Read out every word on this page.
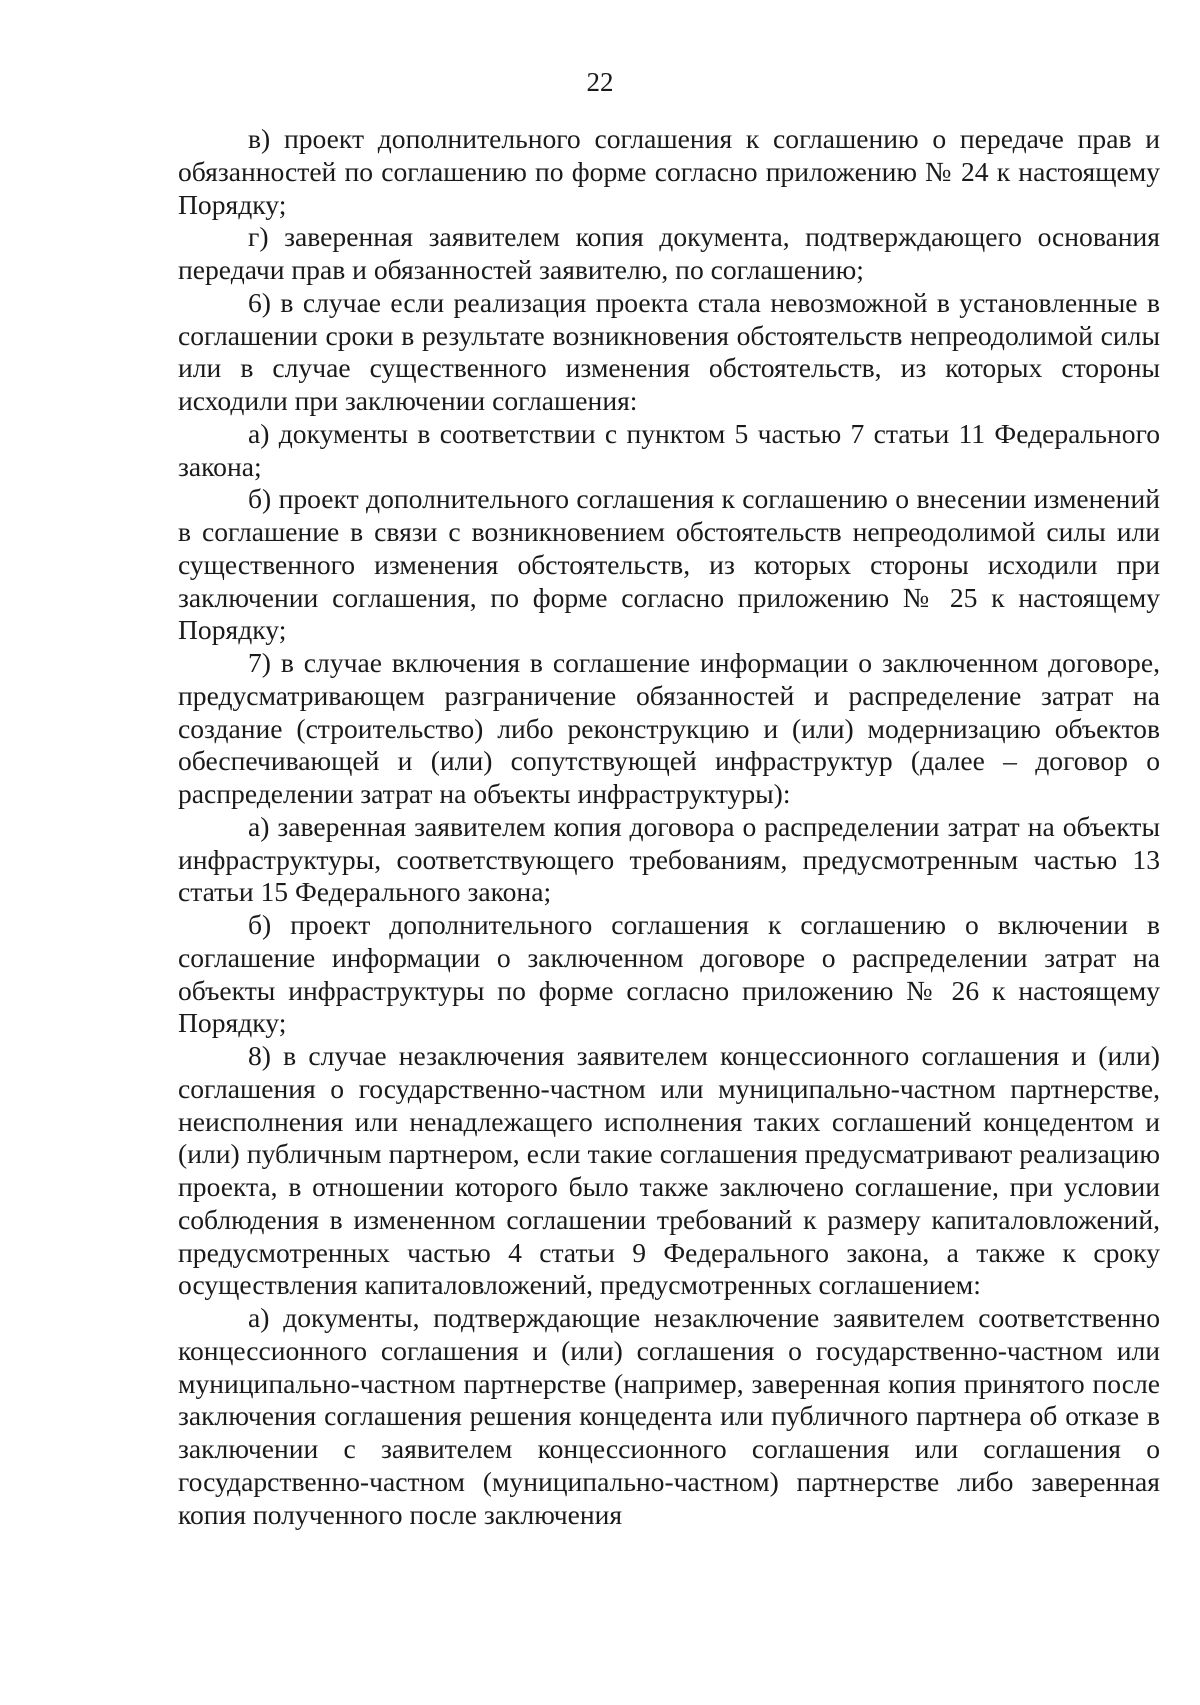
22

в) проект дополнительного соглашения к соглашению о передаче прав и обязанностей по соглашению по форме согласно приложению № 24 к настоящему Порядку;

г) заверенная заявителем копия документа, подтверждающего основания передачи прав и обязанностей заявителю, по соглашению;

6) в случае если реализация проекта стала невозможной в установленные в соглашении сроки в результате возникновения обстоятельств непреодолимой силы или в случае существенного изменения обстоятельств, из которых стороны исходили при заключении соглашения:

а) документы в соответствии с пунктом 5 частью 7 статьи 11 Федерального закона;

б) проект дополнительного соглашения к соглашению о внесении изменений в соглашение в связи с возникновением обстоятельств непреодолимой силы или существенного изменения обстоятельств, из которых стороны исходили при заключении соглашения, по форме согласно приложению № 25 к настоящему Порядку;

7) в случае включения в соглашение информации о заключенном договоре, предусматривающем разграничение обязанностей и распределение затрат на создание (строительство) либо реконструкцию и (или) модернизацию объектов обеспечивающей и (или) сопутствующей инфраструктур (далее – договор о распределении затрат на объекты инфраструктуры):

а) заверенная заявителем копия договора о распределении затрат на объекты инфраструктуры, соответствующего требованиям, предусмотренным частью 13 статьи 15 Федерального закона;

б) проект дополнительного соглашения к соглашению о включении в соглашение информации о заключенном договоре о распределении затрат на объекты инфраструктуры по форме согласно приложению № 26 к настоящему Порядку;

8) в случае незаключения заявителем концессионного соглашения и (или) соглашения о государственно-частном или муниципально-частном партнерстве, неисполнения или ненадлежащего исполнения таких соглашений концедентом и (или) публичным партнером, если такие соглашения предусматривают реализацию проекта, в отношении которого было также заключено соглашение, при условии соблюдения в измененном соглашении требований к размеру капиталовложений, предусмотренных частью 4 статьи 9 Федерального закона, а также к сроку осуществления капиталовложений, предусмотренных соглашением:

а) документы, подтверждающие незаключение заявителем соответственно концессионного соглашения и (или) соглашения о государственно-частном или муниципально-частном партнерстве (например, заверенная копия принятого после заключения соглашения решения концедента или публичного партнера об отказе в заключении с заявителем концессионного соглашения или соглашения о государственно-частном (муниципально-частном) партнерстве либо заверенная копия полученного после заключения
